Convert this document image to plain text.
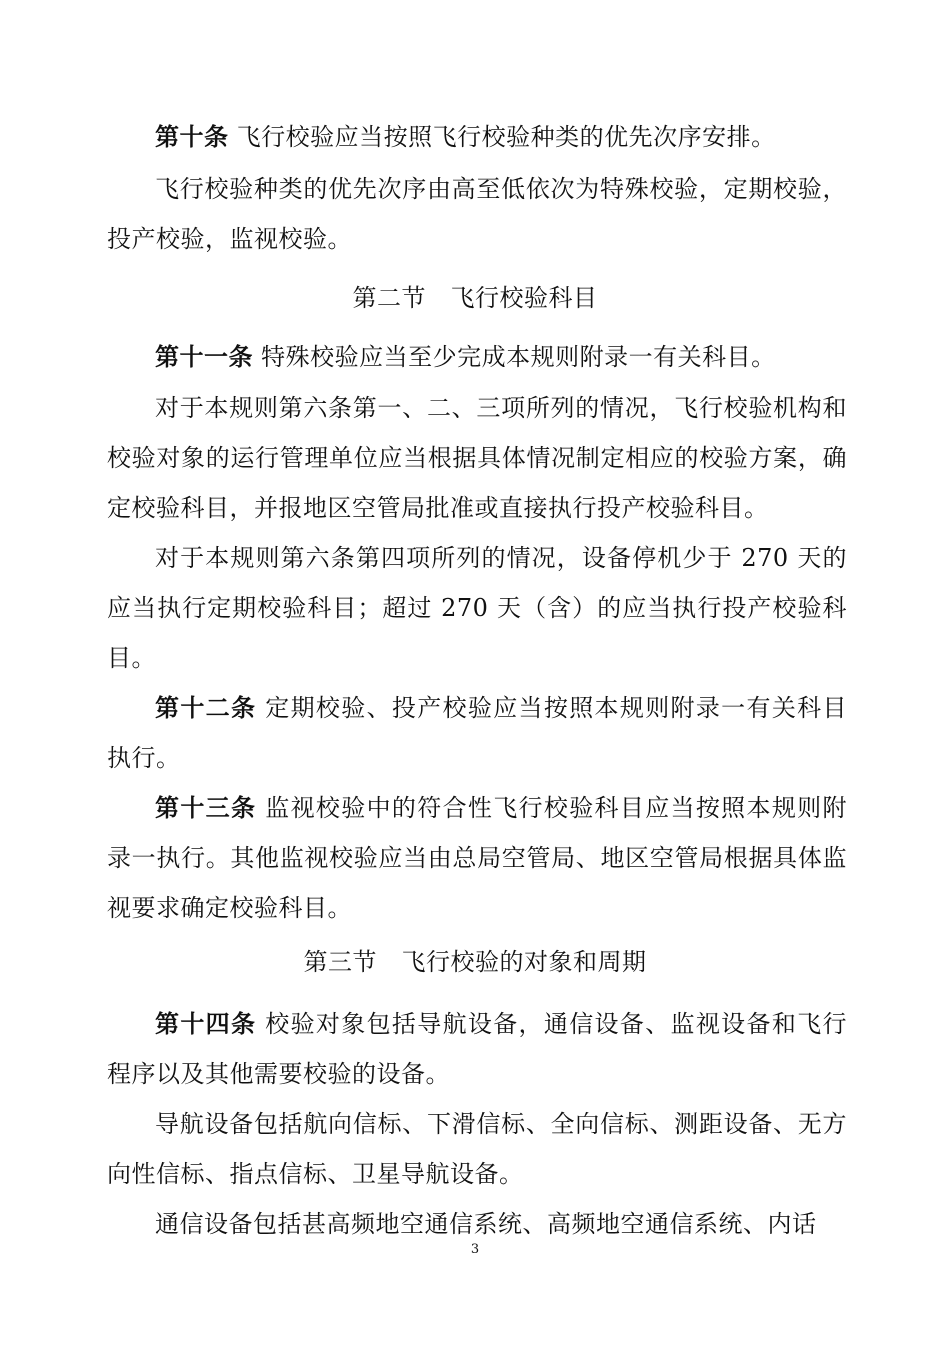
第十条 飞行校验应当按照飞行校验种类的优先次序安排。

飞行校验种类的优先次序由高至低依次为特殊校验，定期校验，投产校验，监视校验。

第二节　飞行校验科目

第十一条 特殊校验应当至少完成本规则附录一有关科目。

对于本规则第六条第一、二、三项所列的情况，飞行校验机构和校验对象的运行管理单位应当根据具体情况制定相应的校验方案，确定校验科目，并报地区空管局批准或直接执行投产校验科目。

对于本规则第六条第四项所列的情况，设备停机少于 270 天的应当执行定期校验科目；超过 270 天（含）的应当执行投产校验科目。

第十二条 定期校验、投产校验应当按照本规则附录一有关科目执行。

第十三条 监视校验中的符合性飞行校验科目应当按照本规则附录一执行。其他监视校验应当由总局空管局、地区空管局根据具体监视要求确定校验科目。

第三节　飞行校验的对象和周期

第十四条 校验对象包括导航设备，通信设备、监视设备和飞行程序以及其他需要校验的设备。

导航设备包括航向信标、下滑信标、全向信标、测距设备、无方向性信标、指点信标、卫星导航设备。

通信设备包括甚高频地空通信系统、高频地空通信系统、内话

3
